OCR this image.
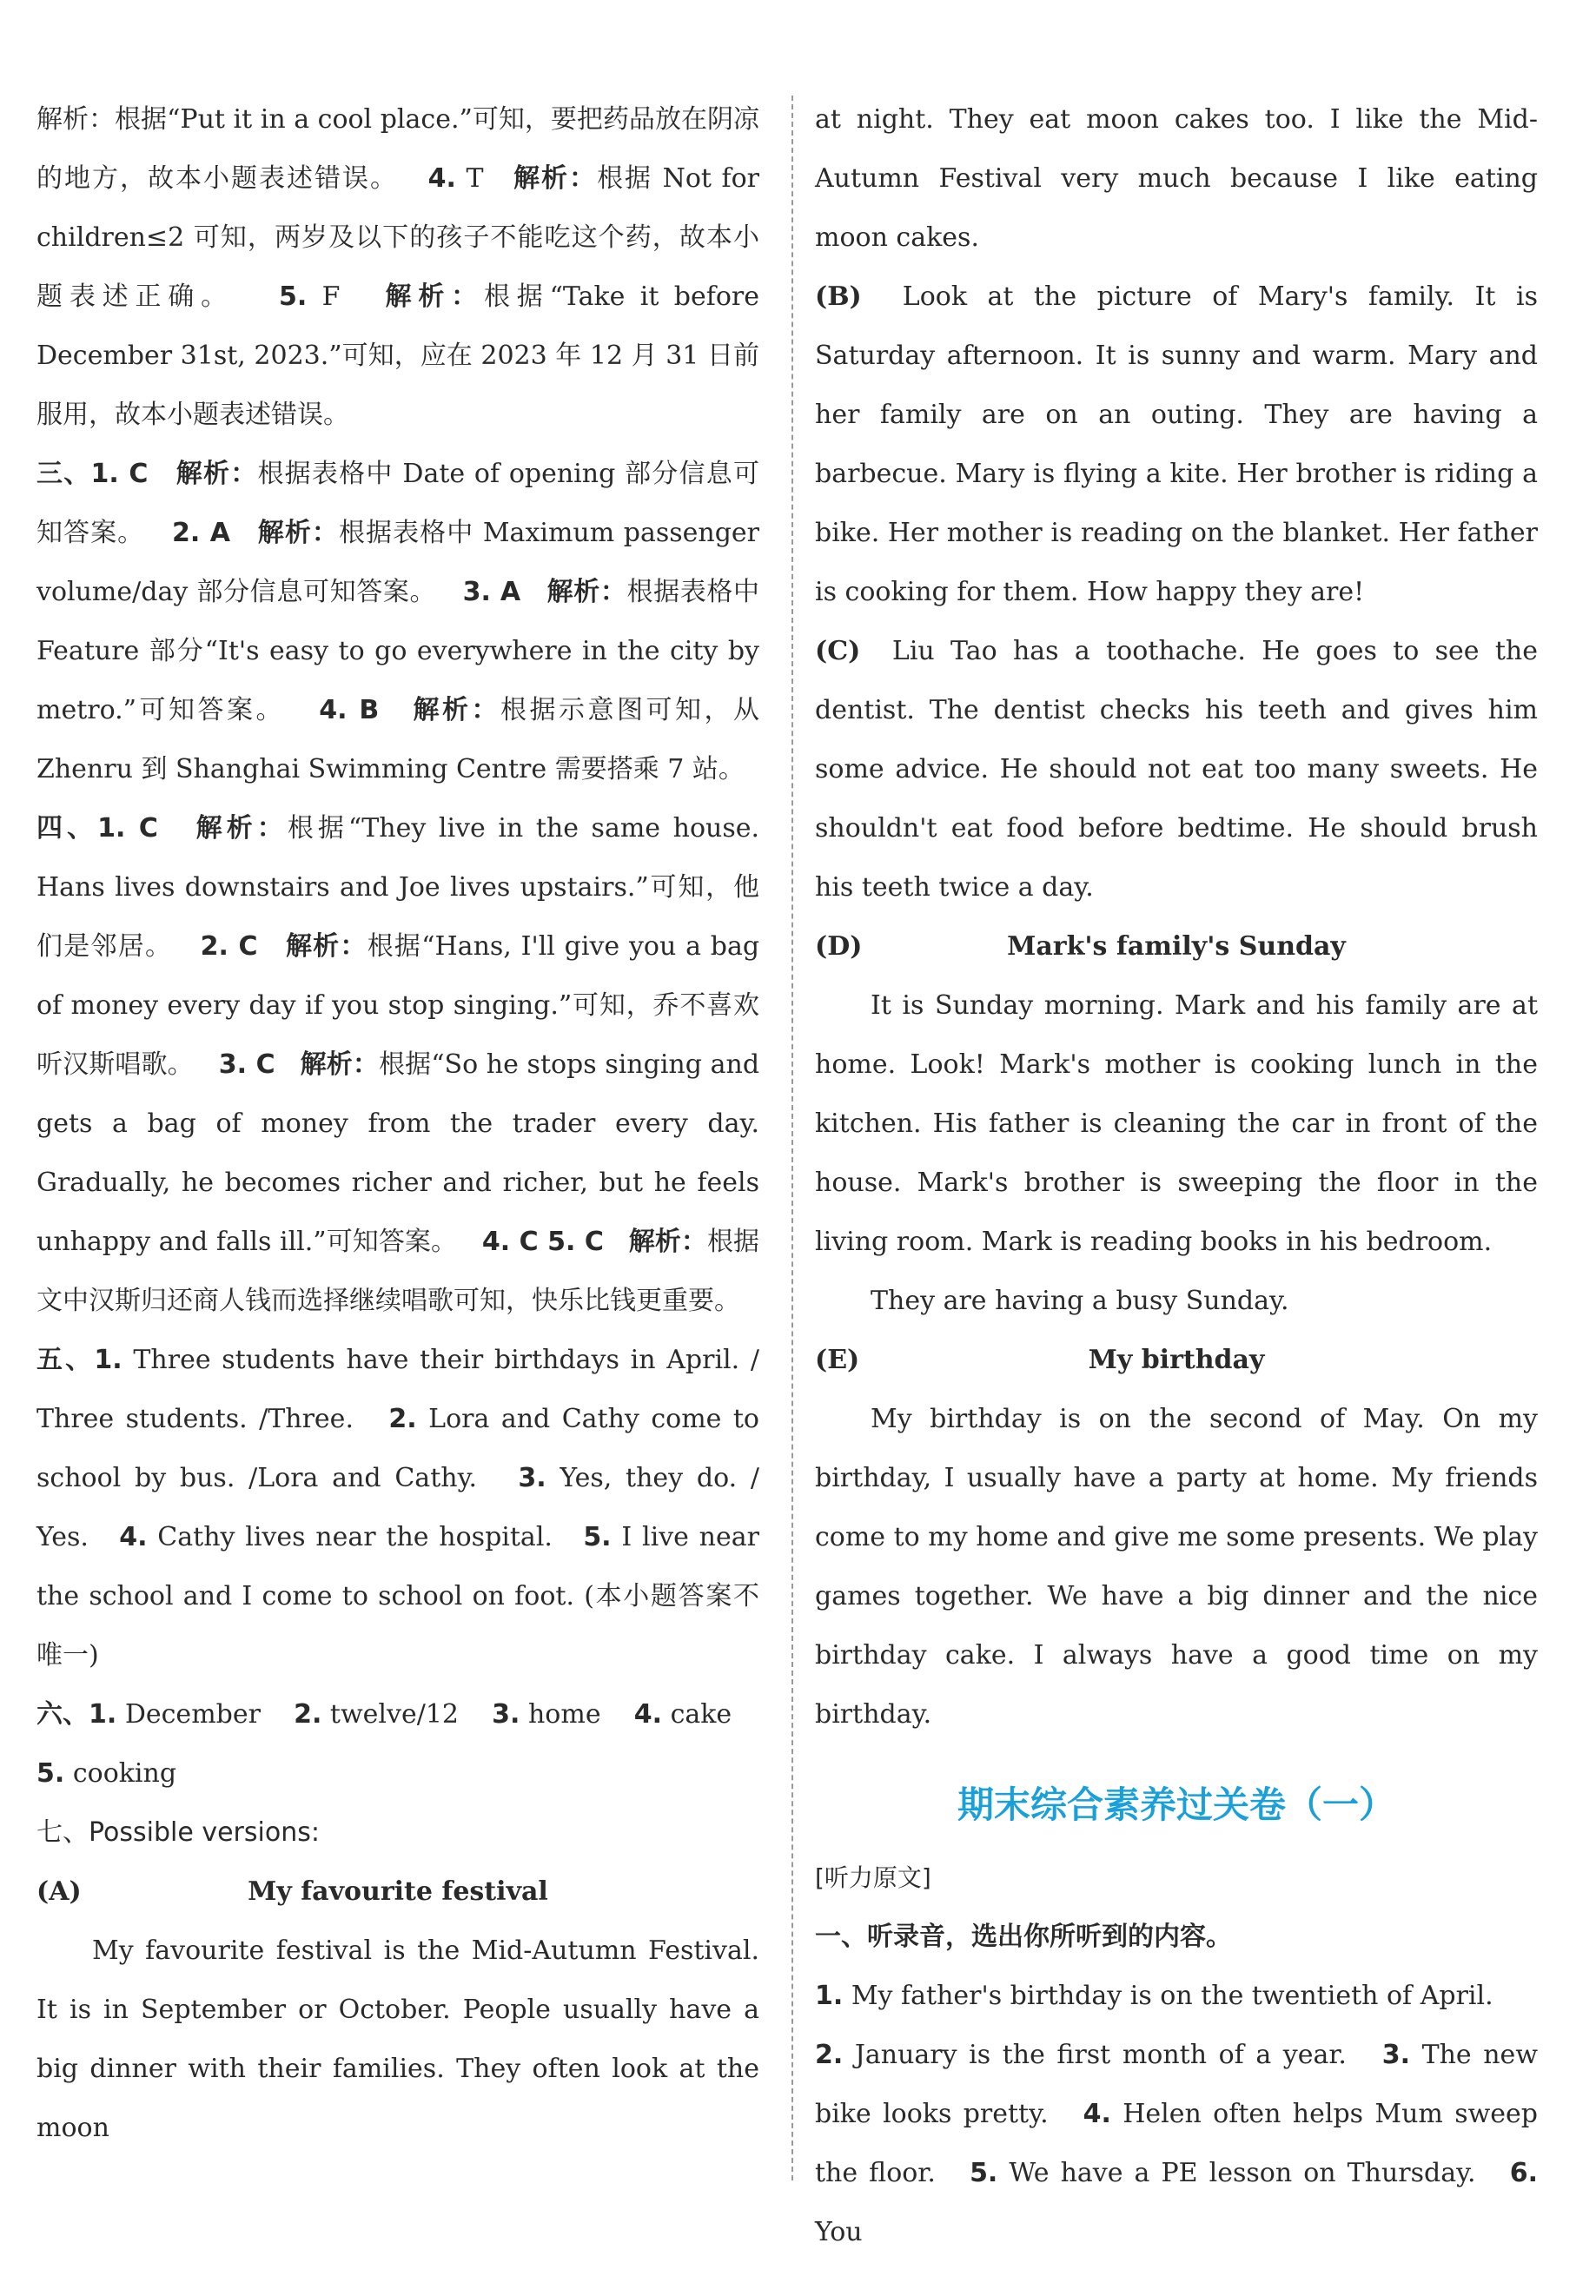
解析：根据“Put it in a cool place.”可知，要把药品放在阴凉的地方，故本小题表述错误。 4. T 解析：根据 Not for children≤2 可知，两岁及以下的孩子不能吃这个药，故本小题表述正确。 5. F 解析：根据“Take it before December 31st, 2023.”可知，应在 2023 年 12 月 31 日前服用，故本小题表述错误。

三、1. C 解析：根据表格中 Date of opening 部分信息可知答案。 2. A 解析：根据表格中 Maximum passenger volume/day 部分信息可知答案。 3. A 解析：根据表格中 Feature 部分“It's easy to go everywhere in the city by metro.”可知答案。 4. B 解析：根据示意图可知，从 Zhenru 到 Shanghai Swimming Centre 需要搭乘 7 站。

四、1. C 解析：根据“They live in the same house. Hans lives downstairs and Joe lives upstairs.”可知，他们是邻居。 2. C 解析：根据“Hans, I'll give you a bag of money every day if you stop singing.”可知，乔不喜欢听汉斯唱歌。 3. C 解析：根据“So he stops singing and gets a bag of money from the trader every day. Gradually, he becomes richer and richer, but he feels unhappy and falls ill.”可知答案。 4. C 5. C 解析：根据文中汉斯归还商人钱而选择继续唱歌可知，快乐比钱更重要。

五、1. Three students have their birthdays in April. / Three students. /Three. 2. Lora and Cathy come to school by bus. /Lora and Cathy. 3. Yes, they do. / Yes. 4. Cathy lives near the hospital. 5. I live near the school and I come to school on foot. (本小题答案不唯一)

六、1. December 2. twelve/12 3. home 4. cake
5. cooking

七、Possible versions:

(A)	My favourite festival

My favourite festival is the Mid-Autumn Festival. It is in September or October. People usually have a big dinner with their families. They often look at the moon

at night. They eat moon cakes too. I like the Mid-Autumn Festival very much because I like eating moon cakes.

(B) Look at the picture of Mary's family. It is Saturday afternoon. It is sunny and warm. Mary and her family are on an outing. They are having a barbecue. Mary is flying a kite. Her brother is riding a bike. Her mother is reading on the blanket. Her father is cooking for them. How happy they are!

(C) Liu Tao has a toothache. He goes to see the dentist. The dentist checks his teeth and gives him some advice. He should not eat too many sweets. He shouldn't eat food before bedtime. He should brush his teeth twice a day.

(D)	Mark's family's Sunday

It is Sunday morning. Mark and his family are at home. Look! Mark's mother is cooking lunch in the kitchen. His father is cleaning the car in front of the house. Mark's brother is sweeping the floor in the living room. Mark is reading books in his bedroom.

They are having a busy Sunday.

(E)	My birthday

My birthday is on the second of May. On my birthday, I usually have a party at home. My friends come to my home and give me some presents. We play games together. We have a big dinner and the nice birthday cake. I always have a good time on my birthday.

期末综合素养过关卷（一）

[听力原文]

一、听录音，选出你所听到的内容。

1. My father's birthday is on the twentieth of April.
2. January is the first month of a year. 3. The new bike looks pretty. 4. Helen often helps Mum sweep the floor. 5. We have a PE lesson on Thursday. 6. You
